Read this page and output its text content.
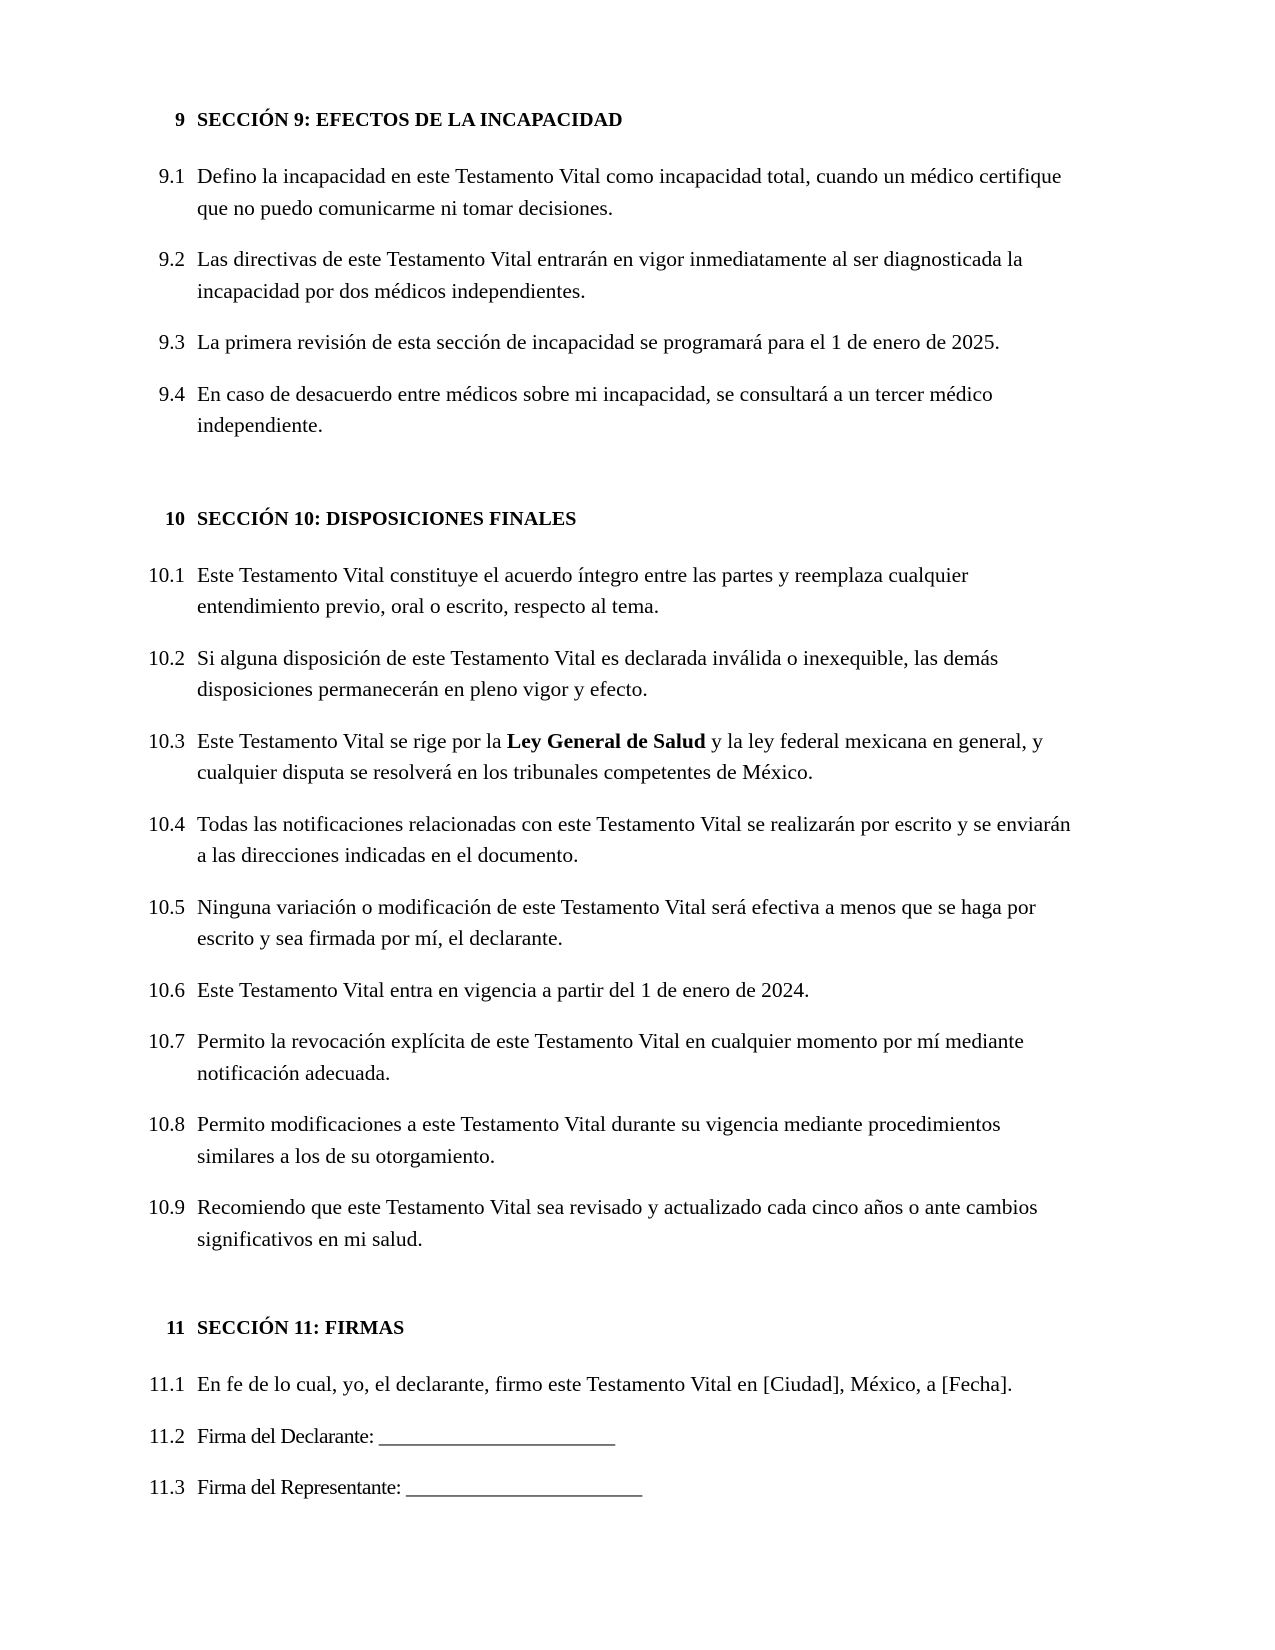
9 SECCIÓN 9: EFECTOS DE LA INCAPACIDAD
9.1 Defino la incapacidad en este Testamento Vital como incapacidad total, cuando un médico certifique que no puedo comunicarme ni tomar decisiones.
9.2 Las directivas de este Testamento Vital entrarán en vigor inmediatamente al ser diagnosticada la incapacidad por dos médicos independientes.
9.3 La primera revisión de esta sección de incapacidad se programará para el 1 de enero de 2025.
9.4 En caso de desacuerdo entre médicos sobre mi incapacidad, se consultará a un tercer médico independiente.
10 SECCIÓN 10: DISPOSICIONES FINALES
10.1 Este Testamento Vital constituye el acuerdo íntegro entre las partes y reemplaza cualquier entendimiento previo, oral o escrito, respecto al tema.
10.2 Si alguna disposición de este Testamento Vital es declarada inválida o inexequible, las demás disposiciones permanecerán en pleno vigor y efecto.
10.3 Este Testamento Vital se rige por la Ley General de Salud y la ley federal mexicana en general, y cualquier disputa se resolverá en los tribunales competentes de México.
10.4 Todas las notificaciones relacionadas con este Testamento Vital se realizarán por escrito y se enviarán a las direcciones indicadas en el documento.
10.5 Ninguna variación o modificación de este Testamento Vital será efectiva a menos que se haga por escrito y sea firmada por mí, el declarante.
10.6 Este Testamento Vital entra en vigencia a partir del 1 de enero de 2024.
10.7 Permito la revocación explícita de este Testamento Vital en cualquier momento por mí mediante notificación adecuada.
10.8 Permito modificaciones a este Testamento Vital durante su vigencia mediante procedimientos similares a los de su otorgamiento.
10.9 Recomiendo que este Testamento Vital sea revisado y actualizado cada cinco años o ante cambios significativos en mi salud.
11 SECCIÓN 11: FIRMAS
11.1 En fe de lo cual, yo, el declarante, firmo este Testamento Vital en [Ciudad], México, a [Fecha].
11.2 Firma del Declarante: _______________________
11.3 Firma del Representante: _______________________
